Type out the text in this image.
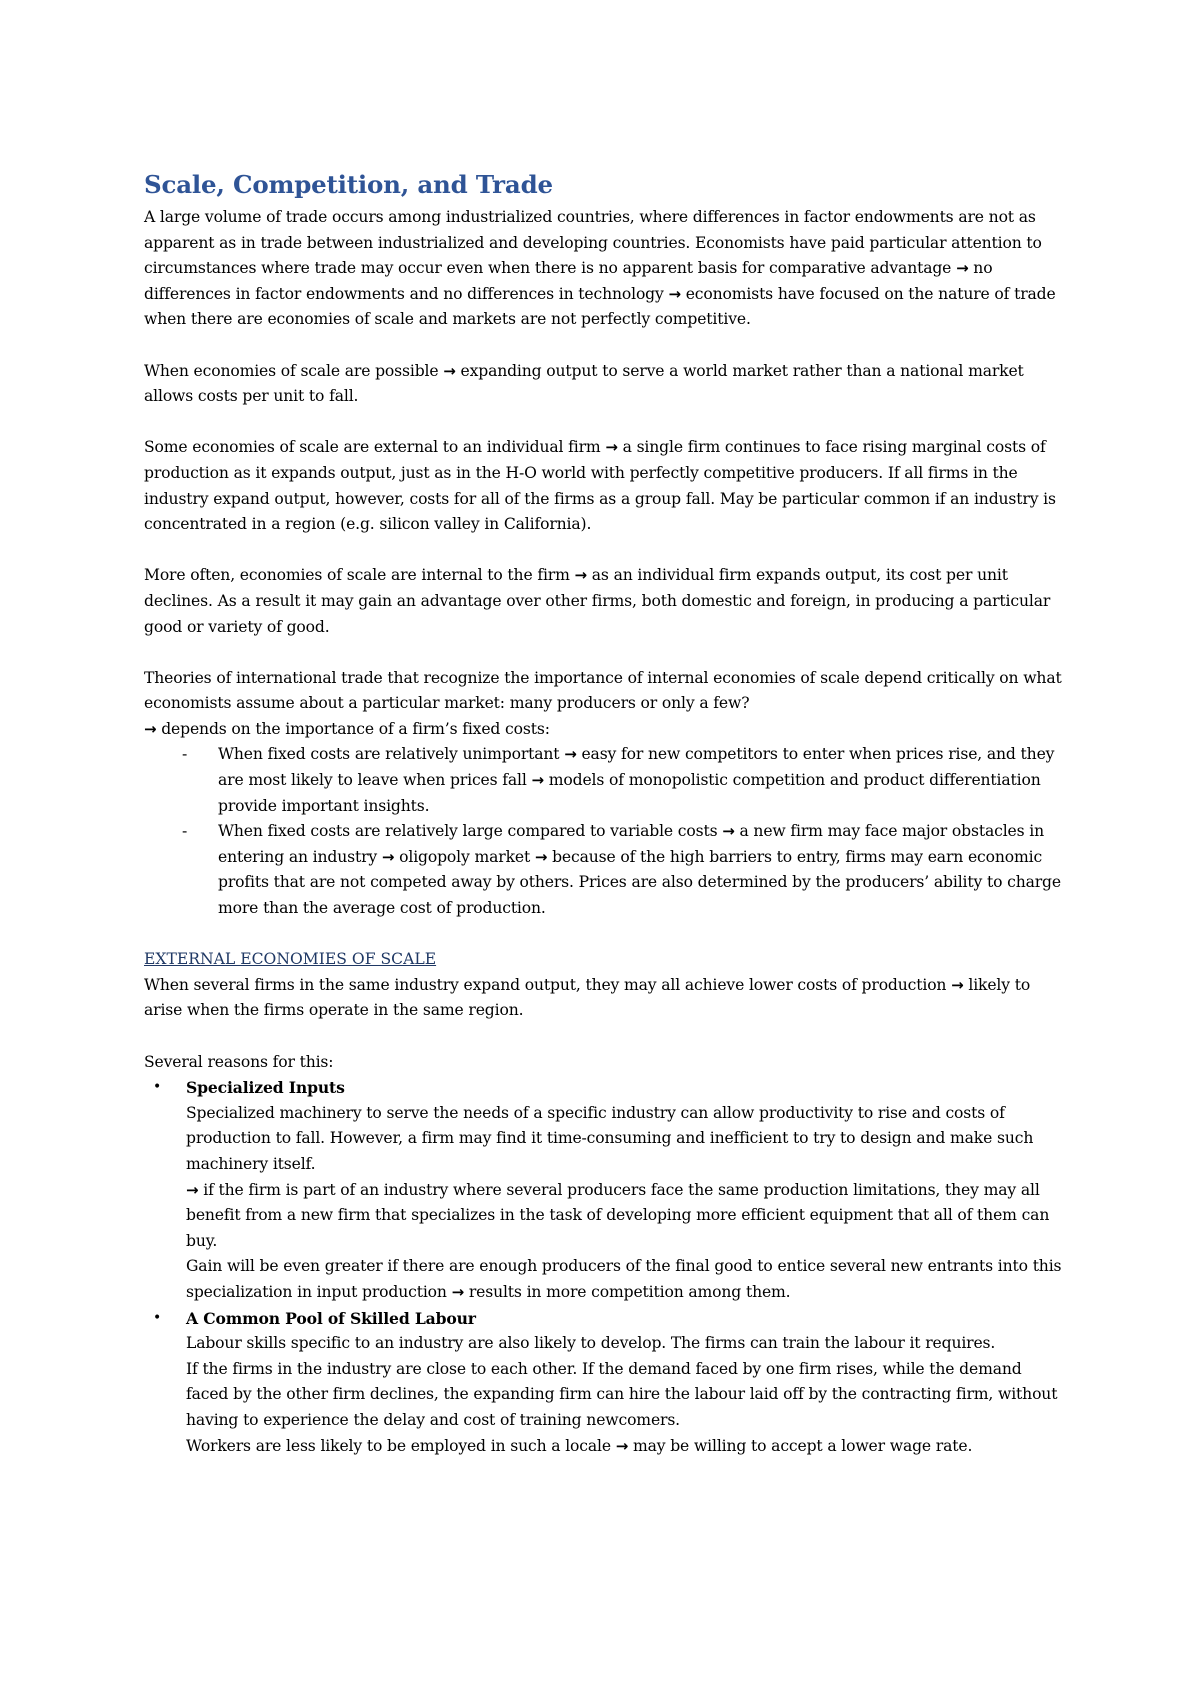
Scale, Competition, and Trade

A large volume of trade occurs among industrialized countries, where differences in factor endowments are not as apparent as in trade between industrialized and developing countries. Economists have paid particular attention to circumstances where trade may occur even when there is no apparent basis for comparative advantage → no differences in factor endowments and no differences in technology → economists have focused on the nature of trade when there are economies of scale and markets are not perfectly competitive.

When economies of scale are possible → expanding output to serve a world market rather than a national market allows costs per unit to fall.

Some economies of scale are external to an individual firm → a single firm continues to face rising marginal costs of production as it expands output, just as in the H-O world with perfectly competitive producers. If all firms in the industry expand output, however, costs for all of the firms as a group fall. May be particular common if an industry is concentrated in a region (e.g. silicon valley in California).

More often, economies of scale are internal to the firm → as an individual firm expands output, its cost per unit declines. As a result it may gain an advantage over other firms, both domestic and foreign, in producing a particular good or variety of good.

Theories of international trade that recognize the importance of internal economies of scale depend critically on what economists assume about a particular market: many producers or only a few?

→ depends on the importance of a firm’s fixed costs:

- When fixed costs are relatively unimportant → easy for new competitors to enter when prices rise, and they are most likely to leave when prices fall → models of monopolistic competition and product differentiation provide important insights.
- When fixed costs are relatively large compared to variable costs → a new firm may face major obstacles in entering an industry → oligopoly market → because of the high barriers to entry, firms may earn economic profits that are not competed away by others. Prices are also determined by the producers’ ability to charge more than the average cost of production.

EXTERNAL ECONOMIES OF SCALE

When several firms in the same industry expand output, they may all achieve lower costs of production → likely to arise when the firms operate in the same region.

Several reasons for this:

• Specialized Inputs
Specialized machinery to serve the needs of a specific industry can allow productivity to rise and costs of production to fall. However, a firm may find it time-consuming and inefficient to try to design and make such machinery itself.
→ if the firm is part of an industry where several producers face the same production limitations, they may all benefit from a new firm that specializes in the task of developing more efficient equipment that all of them can buy.
Gain will be even greater if there are enough producers of the final good to entice several new entrants into this specialization in input production → results in more competition among them.
• A Common Pool of Skilled Labour
Labour skills specific to an industry are also likely to develop. The firms can train the labour it requires.
If the firms in the industry are close to each other. If the demand faced by one firm rises, while the demand faced by the other firm declines, the expanding firm can hire the labour laid off by the contracting firm, without having to experience the delay and cost of training newcomers.
Workers are less likely to be employed in such a locale → may be willing to accept a lower wage rate.
